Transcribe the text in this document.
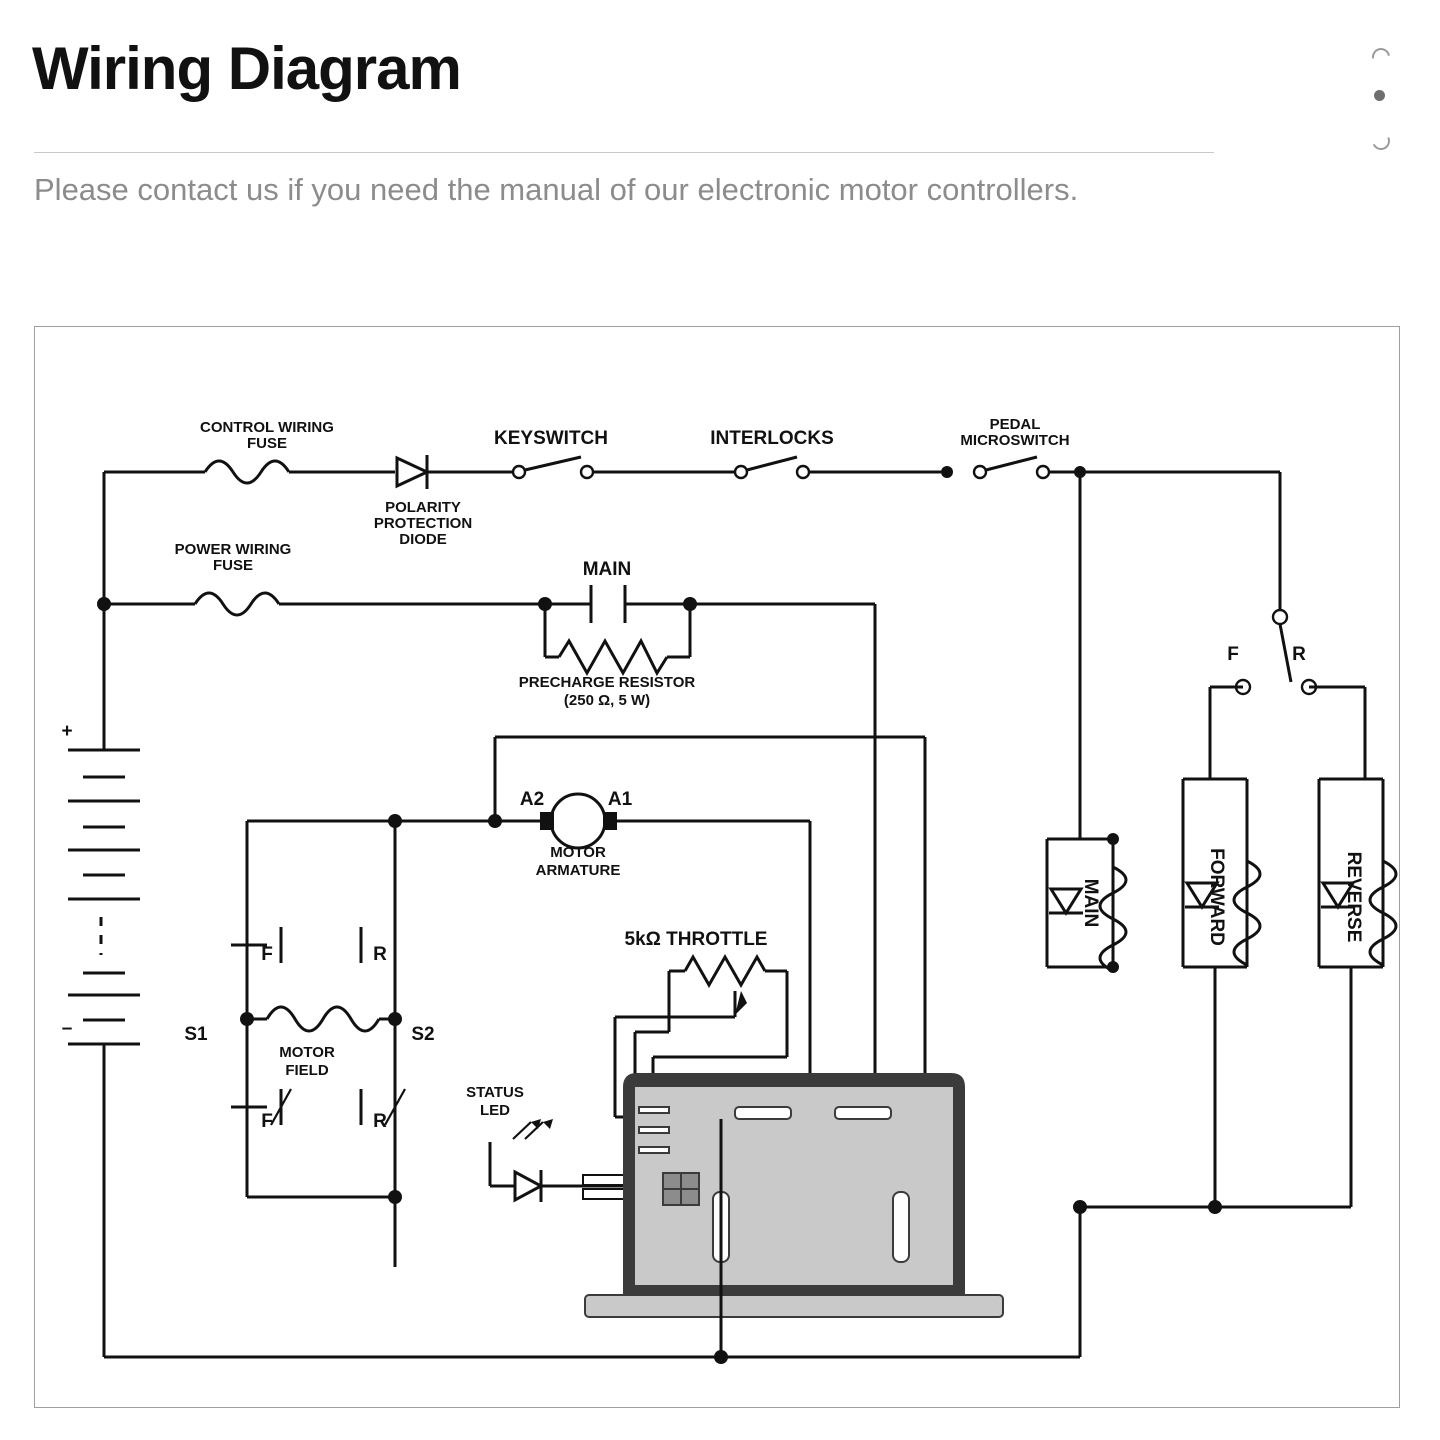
Wiring Diagram
Please contact us if you need the manual of our electronic motor controllers.
CONTROL WIRING
FUSE
POLARITY
PROTECTION
DIODE
KEYSWITCH	INTERLOCKS
PEDAL
MICROSWITCH
POWER WIRING
FUSE	MAIN
PRECHARGE RESISTOR
(250 Ω, 5 W)
+
–
A2	A1
MOTOR
ARMATURE
5kΩ THROTTLE
F	R
F	R
S1	S2
MOTOR
FIELD
STATUS
LED
MAIN	FORWARD	REVERSE
F	R
